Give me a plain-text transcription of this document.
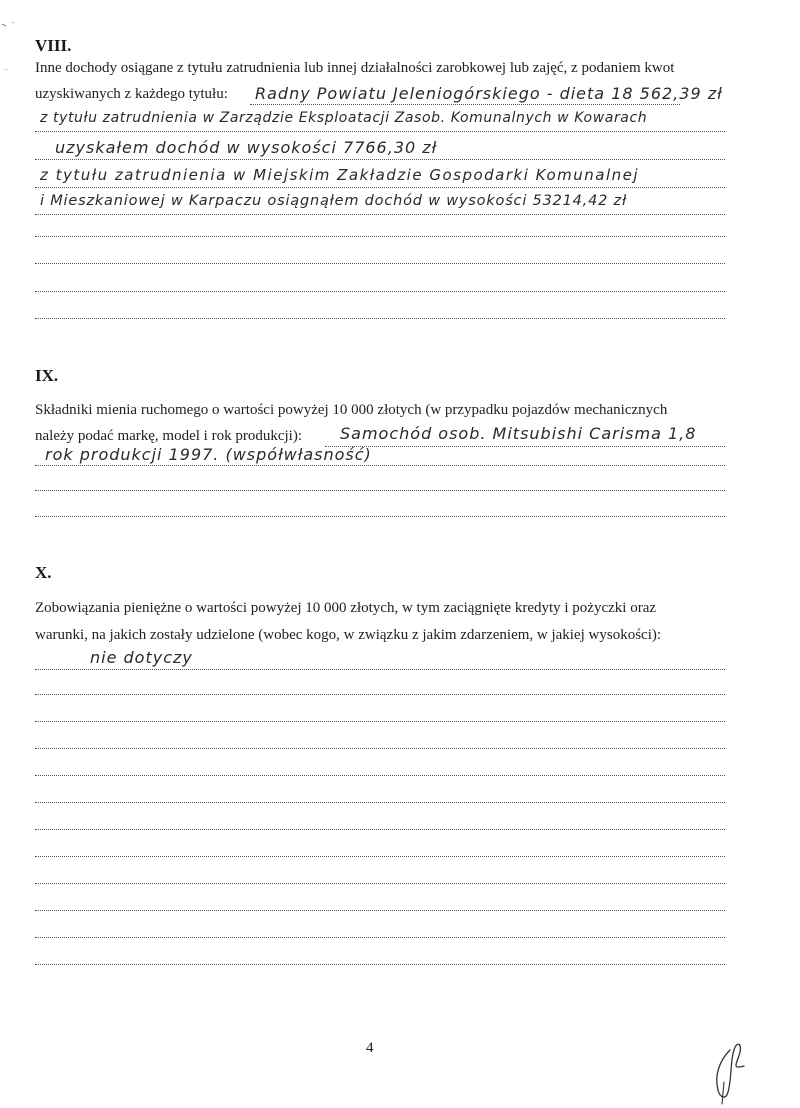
VIII.
Inne dochody osiągane z tytułu zatrudnienia lub innej działalności zarobkowej lub zajęć, z podaniem kwot
uzyskiwanych z każdego tytułu: Radny Powiatu Jeleniogórskiego - dieta 18 562,39 zł
z tytułu zatrudnienia w Zarządzie Eksploatacji Zasob. Komunalnych w Kowarach
uzyskałem dochód w wysokości 7766,30 zł
z tytułu zatrudnienia w Miejskim Zakładzie Gospodarki Komunalnej
i Mieszkaniowej w Karpaczu osiągnąłem dochód w wysokości 53214,42 zł
IX.
Składniki mienia ruchomego o wartości powyżej 10 000 złotych (w przypadku pojazdów mechanicznych
należy podać markę, model i rok produkcji): Samochód osob. Mitsubishi Carisma 1,8
rok produkcji 1997. (współwłasność)
X.
Zobowiązania pieniężne o wartości powyżej 10 000 złotych, w tym zaciągnięte kredyty i pożyczki oraz
warunki, na jakich zostały udzielone (wobec kogo, w związku z jakim zdarzeniem, w jakiej wysokości):
nie dotyczy
4
